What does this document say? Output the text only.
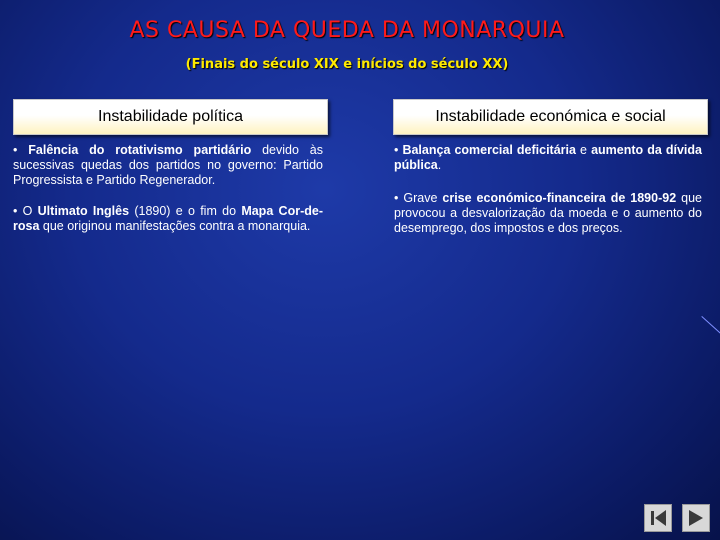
AS CAUSA DA QUEDA DA MONARQUIA
(Finais do século XIX e inícios do século XX)
Instabilidade política	Instabilidade económica e social

• Falência do rotativismo partidário devido às sucessivas quedas dos partidos no governo: Partido Progressista e Partido Regenerador.

• O Ultimato Inglês (1890) e o fim do Mapa Cor-de-rosa que originou manifestações contra a monarquia.

• Balança comercial deficitária e aumento da dívida pública.

• Grave crise económico-financeira de 1890-92 que provocou a desvalorização da moeda e o aumento do desemprego, dos impostos e dos preços.
